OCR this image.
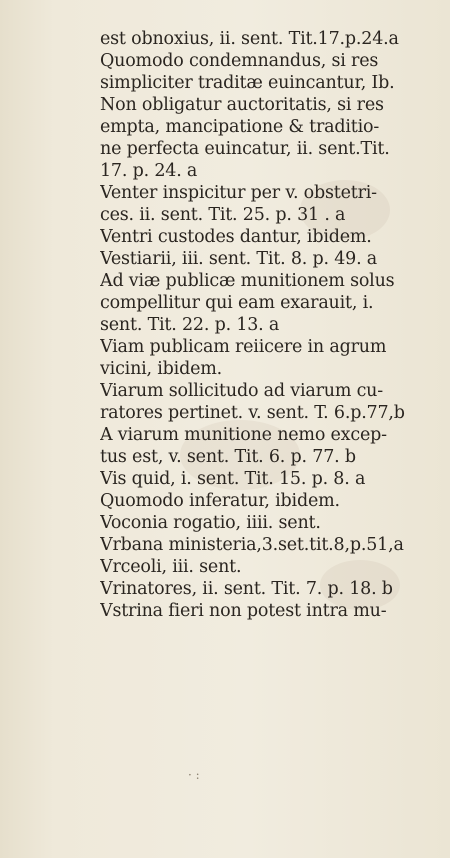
est obnoxius, ii. sent. Tit.17.p.24.a
Quomodo condemnandus, si res
simpliciter traditæ euincantur, Ib.
Non obligatur auctoritatis, si res
empta, mancipatione & traditio-
ne perfecta euincatur, ii. sent.Tit.
17. p. 24. a
Venter inspicitur per v. obstetri-
ces. ii. sent. Tit. 25. p. 31 . a
Ventri custodes dantur, ibidem.
Vestiarii, iii. sent. Tit. 8. p. 49. a
Ad viæ publicæ munitionem solus
compellitur qui eam exarauit, i.
sent. Tit. 22. p. 13. a
Viam publicam reiicere in agrum
vicini, ibidem.
Viarum sollicitudo ad viarum cu-
ratores pertinet. v. sent. T. 6.p.77,b
A viarum munitione nemo excep-
tus est, v. sent. Tit. 6. p. 77. b
Vis quid, i. sent. Tit. 15. p. 8. a
Quomodo inferatur, ibidem.
Voconia rogatio, iiii. sent.
Vrbana ministeria,3.set.tit.8,p.51,a
Vrceoli, iii. sent.
Vrinatores, ii. sent. Tit. 7. p. 18. b
Vstrina fieri non potest intra mu-
· :
